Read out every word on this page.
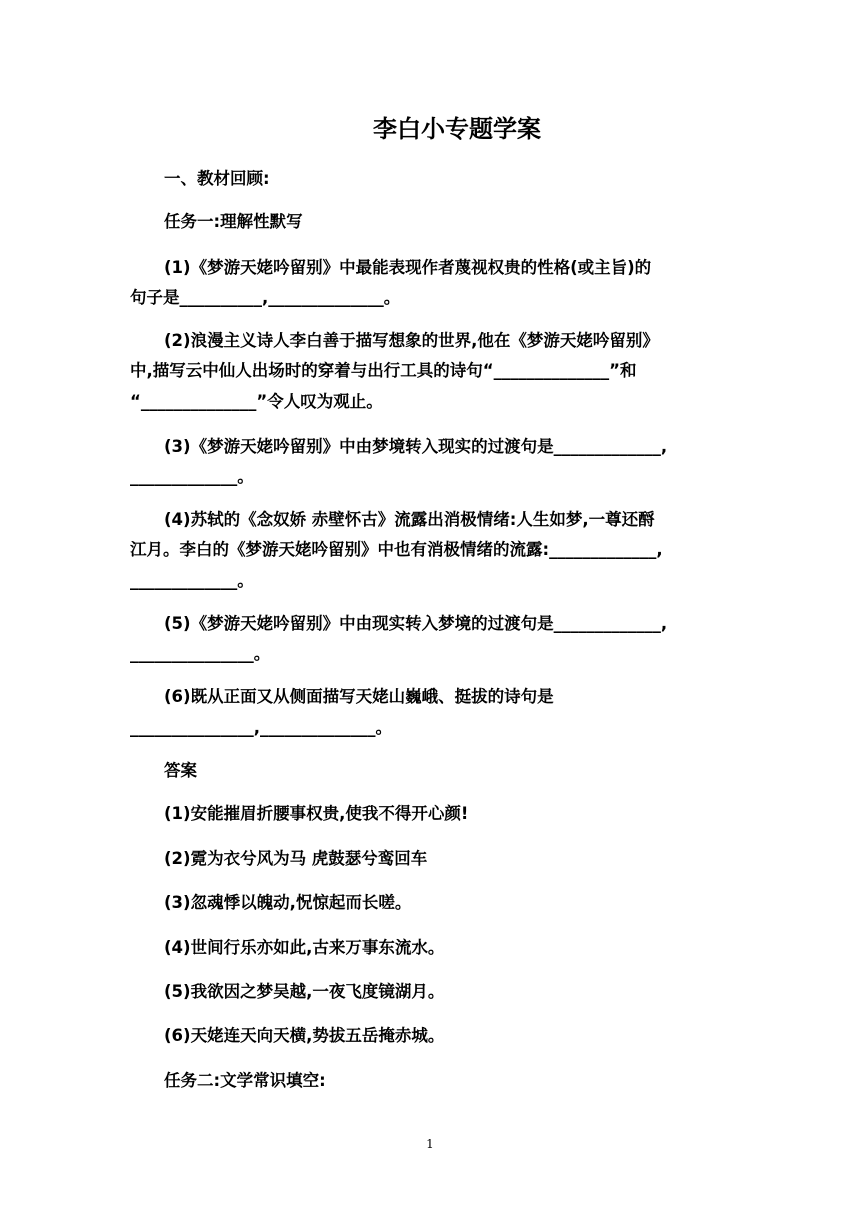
李白小专题学案
一、教材回顾:
任务一:理解性默写
(1)《梦游天姥吟留别》中最能表现作者蔑视权贵的性格(或主旨)的
句子是__________,______________。
(2)浪漫主义诗人李白善于描写想象的世界,他在《梦游天姥吟留别》
中,描写云中仙人出场时的穿着与出行工具的诗句“______________”和
“______________”令人叹为观止。
(3)《梦游天姥吟留别》中由梦境转入现实的过渡句是_____________,
_____________。
(4)苏轼的《念奴娇 赤壁怀古》流露出消极情绪:人生如梦,一尊还酹
江月。李白的《梦游天姥吟留别》中也有消极情绪的流露:_____________,
_____________。
(5)《梦游天姥吟留别》中由现实转入梦境的过渡句是_____________,
_______________。
(6)既从正面又从侧面描写天姥山巍峨、挺拔的诗句是
_______________,______________。
答案
(1)安能摧眉折腰事权贵,使我不得开心颜!
(2)霓为衣兮风为马 虎鼓瑟兮鸾回车
(3)忽魂悸以魄动,怳惊起而长嗟。
(4)世间行乐亦如此,古来万事东流水。
(5)我欲因之梦吴越,一夜飞度镜湖月。
(6)天姥连天向天横,势拔五岳掩赤城。
任务二:文学常识填空:
1
